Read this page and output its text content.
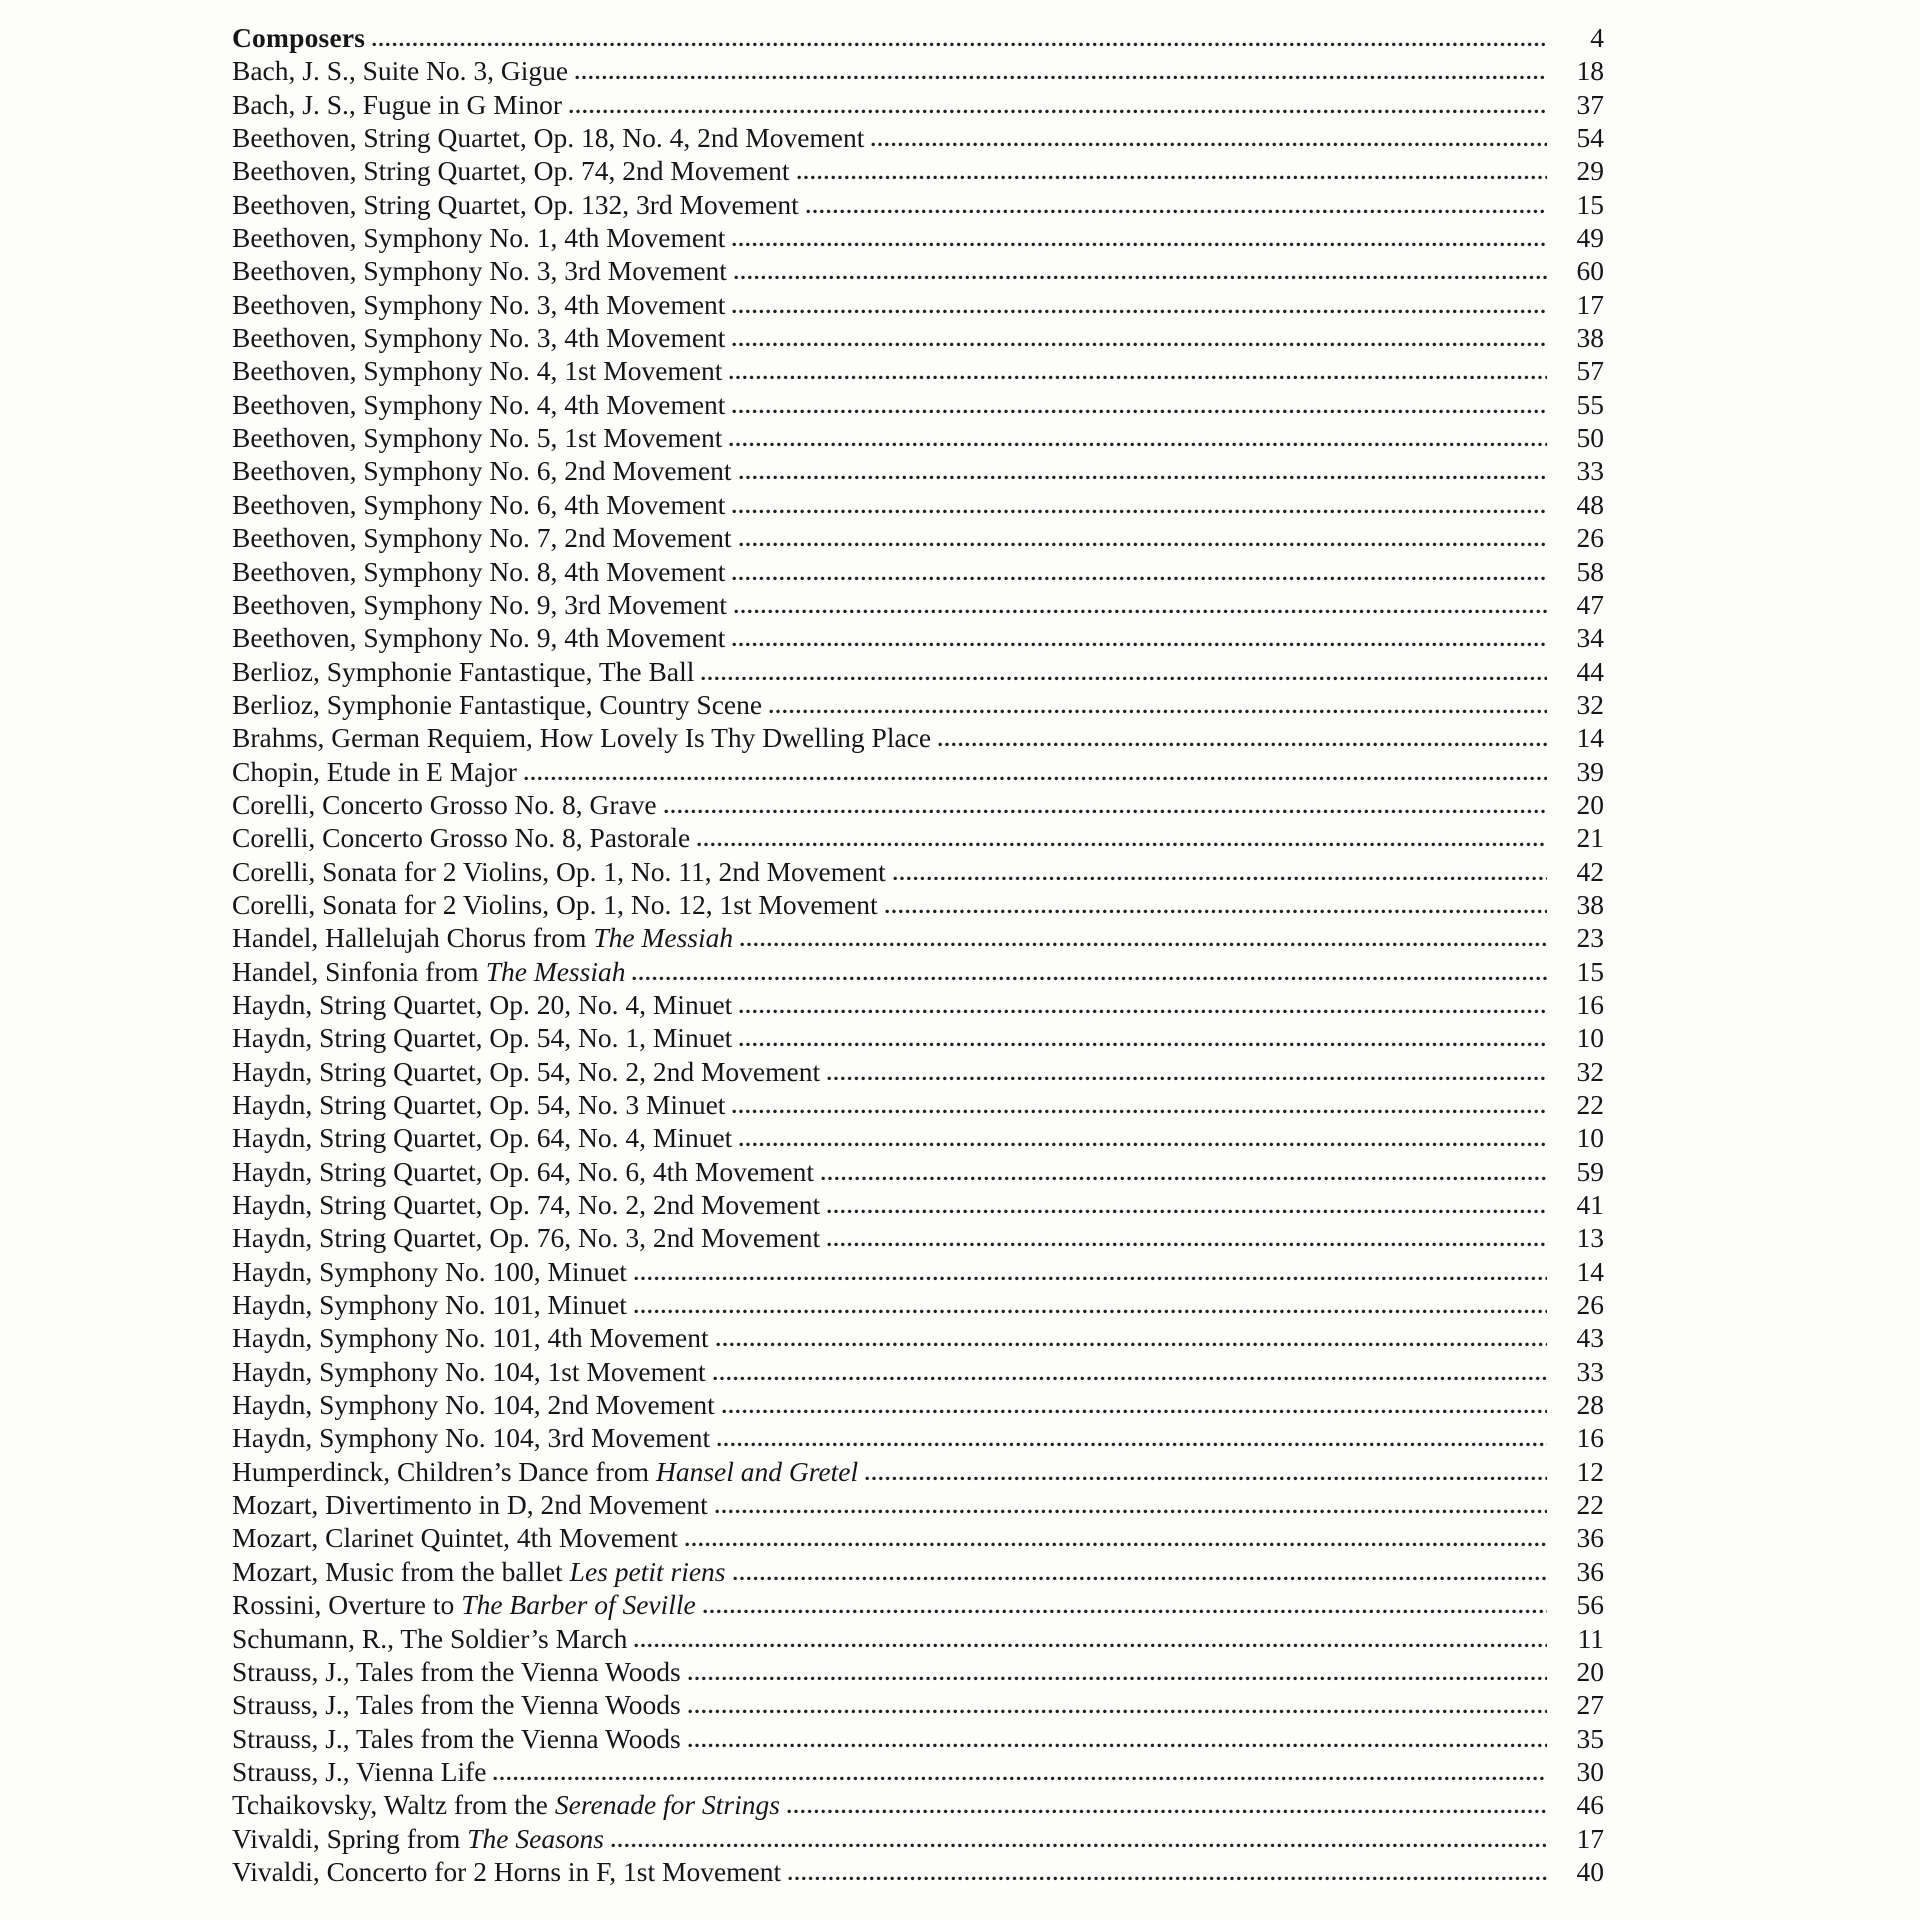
Composers	4
Bach, J. S., Suite No. 3, Gigue	18
Bach, J. S., Fugue in G Minor	37
Beethoven, String Quartet, Op. 18, No. 4, 2nd Movement	54
Beethoven, String Quartet, Op. 74, 2nd Movement	29
Beethoven, String Quartet, Op. 132, 3rd Movement	15
Beethoven, Symphony No. 1, 4th Movement	49
Beethoven, Symphony No. 3, 3rd Movement	60
Beethoven, Symphony No. 3, 4th Movement	17
Beethoven, Symphony No. 3, 4th Movement	38
Beethoven, Symphony No. 4, 1st Movement	57
Beethoven, Symphony No. 4, 4th Movement	55
Beethoven, Symphony No. 5, 1st Movement	50
Beethoven, Symphony No. 6, 2nd Movement	33
Beethoven, Symphony No. 6, 4th Movement	48
Beethoven, Symphony No. 7, 2nd Movement	26
Beethoven, Symphony No. 8, 4th Movement	58
Beethoven, Symphony No. 9, 3rd Movement	47
Beethoven, Symphony No. 9, 4th Movement	34
Berlioz, Symphonie Fantastique, The Ball	44
Berlioz, Symphonie Fantastique, Country Scene	32
Brahms, German Requiem, How Lovely Is Thy Dwelling Place	14
Chopin, Etude in E Major	39
Corelli, Concerto Grosso No. 8, Grave	20
Corelli, Concerto Grosso No. 8, Pastorale	21
Corelli, Sonata for 2 Violins, Op. 1, No. 11, 2nd Movement	42
Corelli, Sonata for 2 Violins, Op. 1, No. 12, 1st Movement	38
Handel, Hallelujah Chorus from The Messiah	23
Handel, Sinfonia from The Messiah	15
Haydn, String Quartet, Op. 20, No. 4, Minuet	16
Haydn, String Quartet, Op. 54, No. 1, Minuet	10
Haydn, String Quartet, Op. 54, No. 2, 2nd Movement	32
Haydn, String Quartet, Op. 54, No. 3 Minuet	22
Haydn, String Quartet, Op. 64, No. 4, Minuet	10
Haydn, String Quartet, Op. 64, No. 6, 4th Movement	59
Haydn, String Quartet, Op. 74, No. 2, 2nd Movement	41
Haydn, String Quartet, Op. 76, No. 3, 2nd Movement	13
Haydn, Symphony No. 100, Minuet	14
Haydn, Symphony No. 101, Minuet	26
Haydn, Symphony No. 101, 4th Movement	43
Haydn, Symphony No. 104, 1st Movement	33
Haydn, Symphony No. 104, 2nd Movement	28
Haydn, Symphony No. 104, 3rd Movement	16
Humperdinck, Children’s Dance from Hansel and Gretel	12
Mozart, Divertimento in D, 2nd Movement	22
Mozart, Clarinet Quintet, 4th Movement	36
Mozart, Music from the ballet Les petit riens	36
Rossini, Overture to The Barber of Seville	56
Schumann, R., The Soldier’s March	11
Strauss, J., Tales from the Vienna Woods	20
Strauss, J., Tales from the Vienna Woods	27
Strauss, J., Tales from the Vienna Woods	35
Strauss, J., Vienna Life	30
Tchaikovsky, Waltz from the Serenade for Strings	46
Vivaldi, Spring from The Seasons	17
Vivaldi, Concerto for 2 Horns in F, 1st Movement	40
